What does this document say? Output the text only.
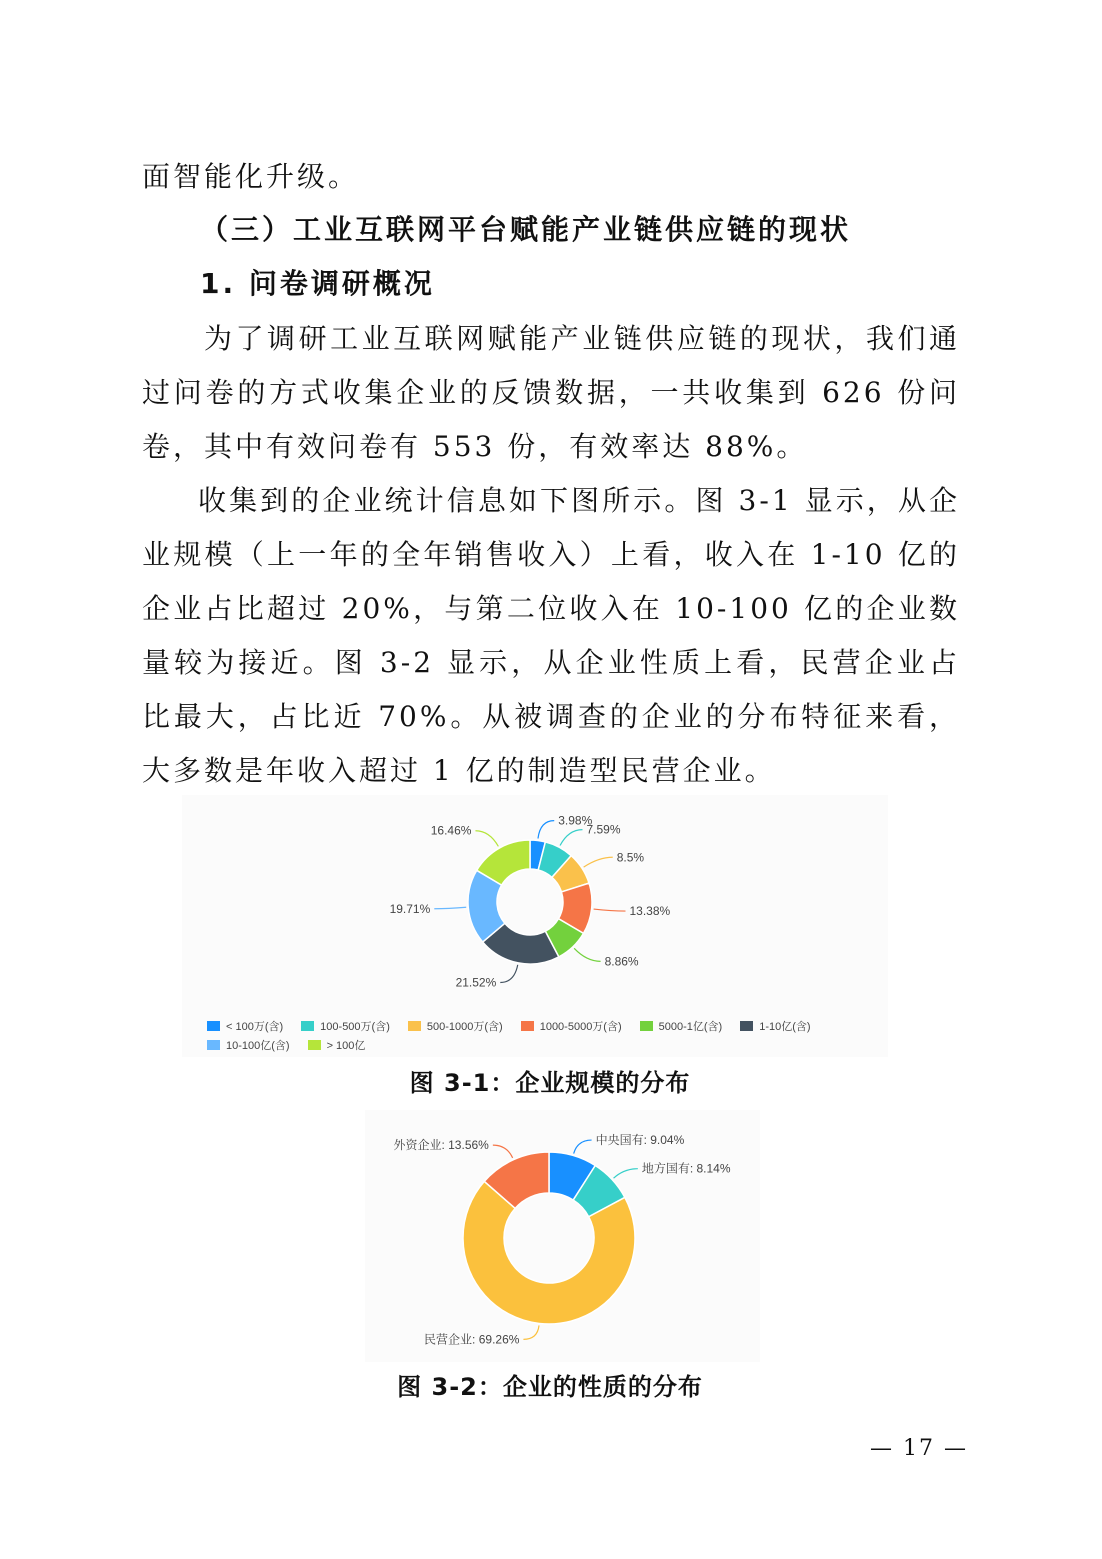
面智能化升级。
（三）工业互联网平台赋能产业链供应链的现状
1. 问卷调研概况
为了调研工业互联网赋能产业链供应链的现状，我们通过问卷的方式收集企业的反馈数据，一共收集到 626 份问卷，其中有效问卷有 553 份，有效率达 88%。
收集到的企业统计信息如下图所示。图 3-1 显示，从企业规模（上一年的全年销售收入）上看，收入在 1-10 亿的企业占比超过 20%，与第二位收入在 10-100 亿的企业数量较为接近。图 3-2 显示，从企业性质上看，民营企业占比最大，占比近 70%。从被调查的企业的分布特征来看，大多数是年收入超过 1 亿的制造型民营企业。
3.98%
7.59%
8.5%
13.38%
8.86%
21.52%
19.71%
16.46%
< 100万(含)	100-500万(含)	500-1000万(含)	1000-5000万(含)	5000-1亿(含)	1-10亿(含)10-100亿(含)	> 100亿
图 3-1：企业规模的分布
中央国有: 9.04%
地方国有: 8.14%
民营企业: 69.26%
外资企业: 13.56%
图 3-2：企业的性质的分布
— 17 —
